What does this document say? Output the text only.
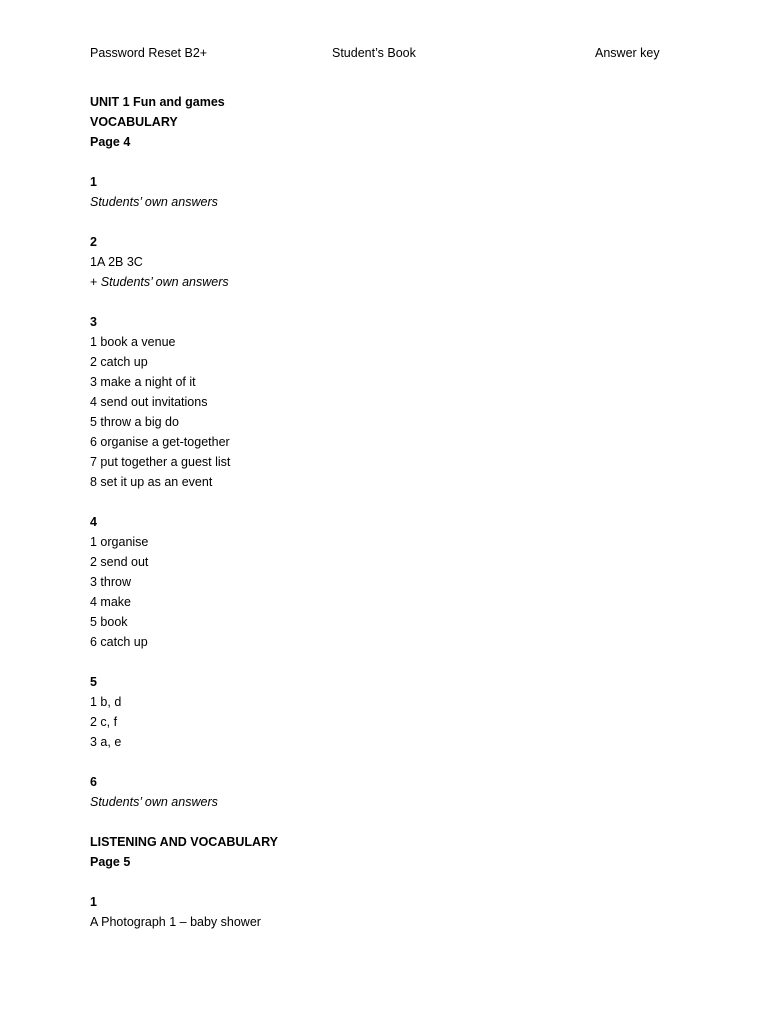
Password Reset B2+	Student’s Book	Answer key
UNIT 1 Fun and games
VOCABULARY
Page 4
1
Students’ own answers
2
1A 2B 3C
+ Students’ own answers
3
1 book a venue
2 catch up
3 make a night of it
4 send out invitations
5 throw a big do
6 organise a get-together
7 put together a guest list
8 set it up as an event
4
1 organise
2 send out
3 throw
4 make
5 book
6 catch up
5
1 b, d
2 c, f
3 a, e
6
Students’ own answers
LISTENING AND VOCABULARY
Page 5
1
A Photograph 1 – baby shower
